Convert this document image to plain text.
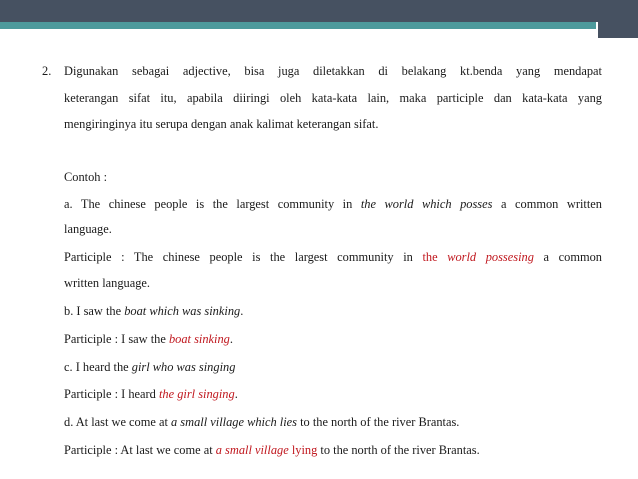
2. Digunakan sebagai adjective, bisa juga diletakkan di belakang kt.benda yang mendapat
keterangan sifat itu, apabila diiringi oleh kata-kata lain, maka participle dan kata-kata yang
mengiringinya itu serupa dengan anak kalimat keterangan sifat.
Contoh :
a. The chinese people is the largest community in the world which posses a common written
language.
Participle : The chinese people is the largest community in the world possesing a common
written language.
b. I saw the boat which was sinking.
Participle : I saw the boat sinking.
c. I heard the girl who was singing
Participle : I heard the girl singing.
d. At last we come at a small village which lies to the north of the river Brantas.
Participle : At last we come at a small village lying to the north of the river Brantas.
